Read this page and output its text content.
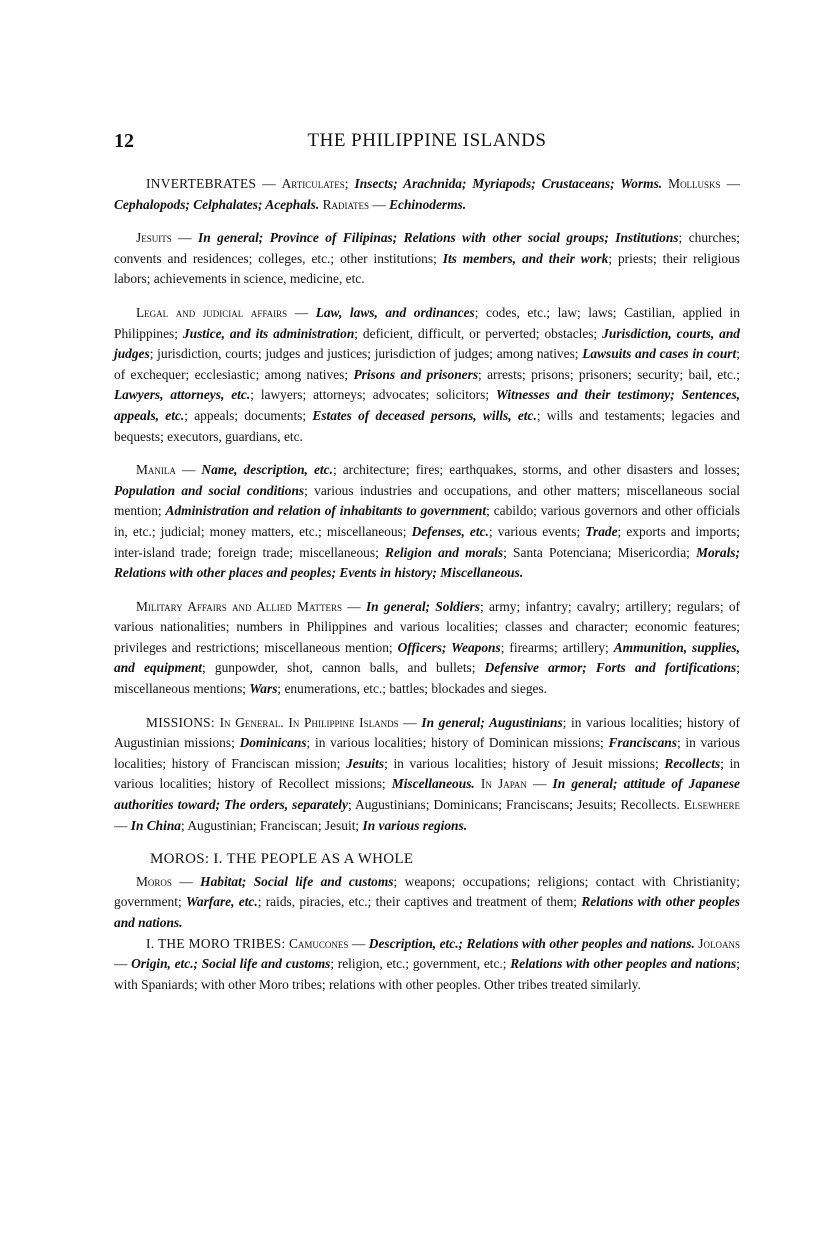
12	THE PHILIPPINE ISLANDS

INVERTEBRATES — Articulates; Insects; Arachnida; Myriapods; Crustaceans; Worms. Mollusks — Cephalopods; Celphalates; Acephals. Radiates — Echinoderms.

Jesuits — In general; Province of Filipinas; Relations with other social groups; Institutions; churches; convents and residences; colleges, etc.; other institutions; Its members, and their work; priests; their religious labors; achievements in science, medicine, etc.

Legal and judicial affairs — Law, laws, and ordinances; codes, etc.; law; laws; Castilian, applied in Philippines; Justice, and its administration; deficient, difficult, or perverted; obstacles; Jurisdiction, courts, and judges; jurisdiction, courts; judges and justices; jurisdiction of judges; among natives; Lawsuits and cases in court; of exchequer; ecclesiastic; among natives; Prisons and prisoners; arrests; prisons; prisoners; security; bail, etc.; Lawyers, attorneys, etc.; lawyers; attorneys; advocates; solicitors; Witnesses and their testimony; Sentences, appeals, etc.; appeals; documents; Estates of deceased persons, wills, etc.; wills and testaments; legacies and bequests; executors, guardians, etc.

Manila — Name, description, etc.; architecture; fires; earthquakes, storms, and other disasters and losses; Population and social conditions; various industries and occupations, and other matters; miscellaneous social mention; Administration and relation of inhabitants to government; cabildo; various governors and other officials in, etc.; judicial; money matters, etc.; miscellaneous; Defenses, etc.; various events; Trade; exports and imports; inter-island trade; foreign trade; miscellaneous; Religion and morals; Santa Potenciana; Misericordia; Morals; Relations with other places and peoples; Events in history; Miscellaneous.

Military Affairs and Allied Matters — In general; Soldiers; army; infantry; cavalry; artillery; regulars; of various nationalities; numbers in Philippines and various localities; classes and character; economic features; privileges and restrictions; miscellaneous mention; Officers; Weapons; firearms; artillery; Ammunition, supplies, and equipment; gunpowder, shot, cannon balls, and bullets; Defensive armor; Forts and fortifications; miscellaneous mentions; Wars; enumerations, etc.; battles; blockades and sieges.

MISSIONS: In General. In Philippine Islands — In general; Augustinians; in various localities; history of Augustinian missions; Dominicans; in various localities; history of Dominican missions; Franciscans; in various localities; history of Franciscan mission; Jesuits; in various localities; history of Jesuit missions; Recollects; in various localities; history of Recollect missions; Miscellaneous. In Japan — In general; attitude of Japanese authorities toward; The orders, separately; Augustinians; Dominicans; Franciscans; Jesuits; Recollects. Elsewhere — In China; Augustinian; Franciscan; Jesuit; In various regions.

MOROS: I. THE PEOPLE AS A WHOLE

Moros — Habitat; Social life and customs; weapons; occupations; religions; contact with Christianity; government; Warfare, etc.; raids, piracies, etc.; their captives and treatment of them; Relations with other peoples and nations.

I. THE MORO TRIBES: Camucones — Description, etc.; Relations with other peoples and nations. Joloans — Origin, etc.; Social life and customs; religion, etc.; government, etc.; Relations with other peoples and nations; with Spaniards; with other Moro tribes; relations with other peoples. Other tribes treated similarly.
